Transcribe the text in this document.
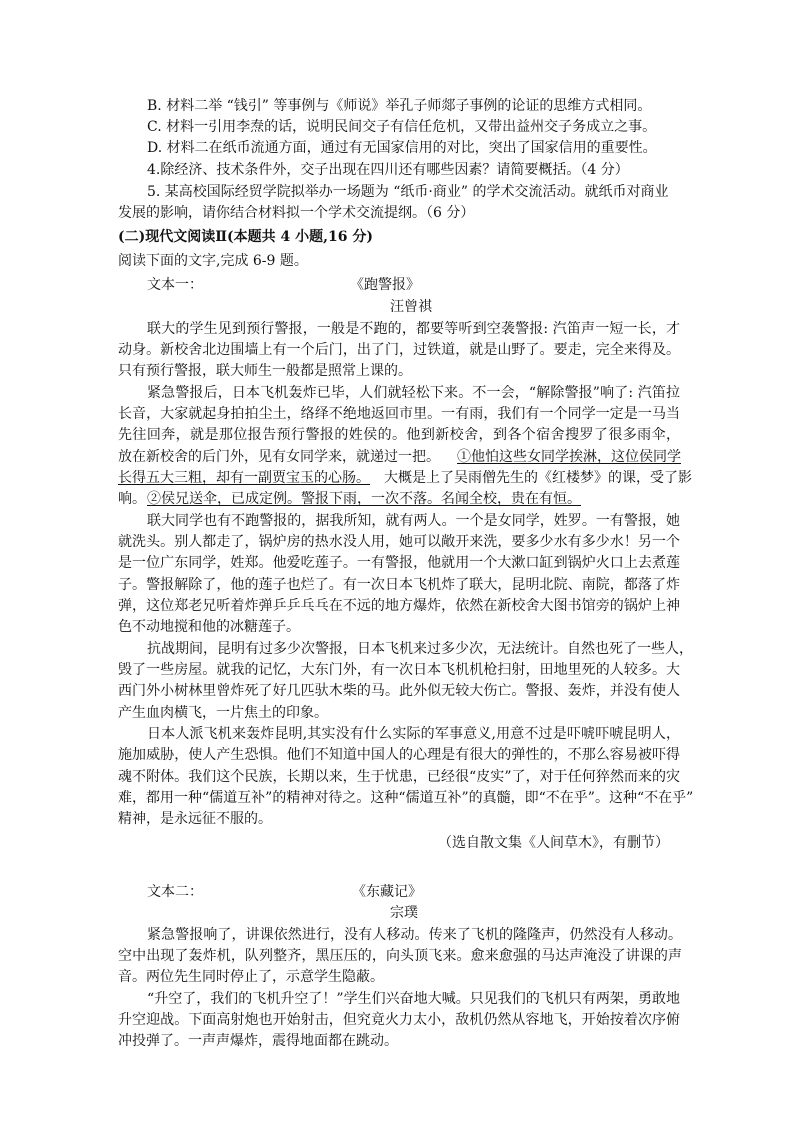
B. 材料二举 “钱引” 等事例与《师说》举孔子师郯子事例的论证的思维方式相同。
C. 材料一引用李焘的话，说明民间交子有信任危机，又带出益州交子务成立之事。
D. 材料二在纸币流通方面，通过有无国家信用的对比，突出了国家信用的重要性。
4.除经济、技术条件外，交子出现在四川还有哪些因素？请简要概括。（4 分）
5. 某高校国际经贸学院拟举办一场题为 “纸币·商业” 的学术交流活动。就纸币对商业
发展的影响，请你结合材料拟一个学术交流提纲。（6 分）
(二)现代文阅读Ⅱ(本题共 4 小题,16 分)
阅读下面的文字,完成 6-9 题。
文本一：	《跑警报》
汪曾祺
联大的学生见到预行警报，一般是不跑的，都要等听到空袭警报: 汽笛声一短一长，才
动身。新校舍北边围墙上有一个后门，出了门，过铁道，就是山野了。要走，完全来得及。
只有预行警报，联大师生一般都是照常上课的。
紧急警报后，日本飞机轰炸已毕，人们就轻松下来。不一会，“解除警报”响了: 汽笛拉
长音，大家就起身拍拍尘土，络绎不绝地返回市里。一有雨，我们有一个同学一定是一马当
先往回奔，就是那位报告预行警报的姓侯的。他到新校舍，到各个宿舍搜罗了很多雨伞，
放在新校舍的后门外，见有女同学来，就递过一把。 ①他怕这些女同学挨淋，这位侯同学
长得五大三粗，却有一副贾宝玉的心肠。 大概是上了吴雨僧先生的《红楼梦》的课，受了影
响。 ②侯兄送伞，已成定例。警报下雨，一次不落。名闻全校，贵在有恒。
联大同学也有不跑警报的，据我所知，就有两人。一个是女同学，姓罗。一有警报，她
就洗头。别人都走了，锅炉房的热水没人用，她可以敞开来洗，要多少水有多少水！另一个
是一位广东同学，姓郑。他爱吃莲子。一有警报，他就用一个大漱口缸到锅炉火口上去煮莲
子。警报解除了，他的莲子也烂了。有一次日本飞机炸了联大，昆明北院、南院，都落了炸
弹，这位郑老兄听着炸弹乒乒乓乓在不远的地方爆炸，依然在新校舍大图书馆旁的锅炉上神
色不动地搅和他的冰糖莲子。
抗战期间，昆明有过多少次警报，日本飞机来过多少次，无法统计。自然也死了一些人，
毁了一些房屋。就我的记忆，大东门外，有一次日本飞机机枪扫射，田地里死的人较多。大
西门外小树林里曾炸死了好几匹驮木柴的马。此外似无较大伤亡。警报、轰炸，并没有使人
产生血肉横飞，一片焦土的印象。
日本人派飞机来轰炸昆明,其实没有什么实际的军事意义,用意不过是吓唬吓唬昆明人，
施加威胁，使人产生恐惧。他们不知道中国人的心理是有很大的弹性的，不那么容易被吓得
魂不附体。我们这个民族，长期以来，生于忧患，已经很“皮实”了，对于任何猝然而来的灾
难，都用一种“儒道互补”的精神对待之。这种“儒道互补”的真髓，即“不在乎”。这种“不在乎”
精神，是永远征不服的。
（选自散文集《人间草木》，有删节）
文本二：	《东藏记》
宗璞
紧急警报响了，讲课依然进行，没有人移动。传来了飞机的隆隆声，仍然没有人移动。
空中出现了轰炸机，队列整齐，黑压压的，向头顶飞来。愈来愈强的马达声淹没了讲课的声
音。两位先生同时停止了，示意学生隐蔽。
“升空了，我们的飞机升空了！”学生们兴奋地大喊。只见我们的飞机只有两架，勇敢地
升空迎战。下面高射炮也开始射击，但究竟火力太小，敌机仍然从容地飞，开始按着次序俯
冲投弹了。一声声爆炸，震得地面都在跳动。
